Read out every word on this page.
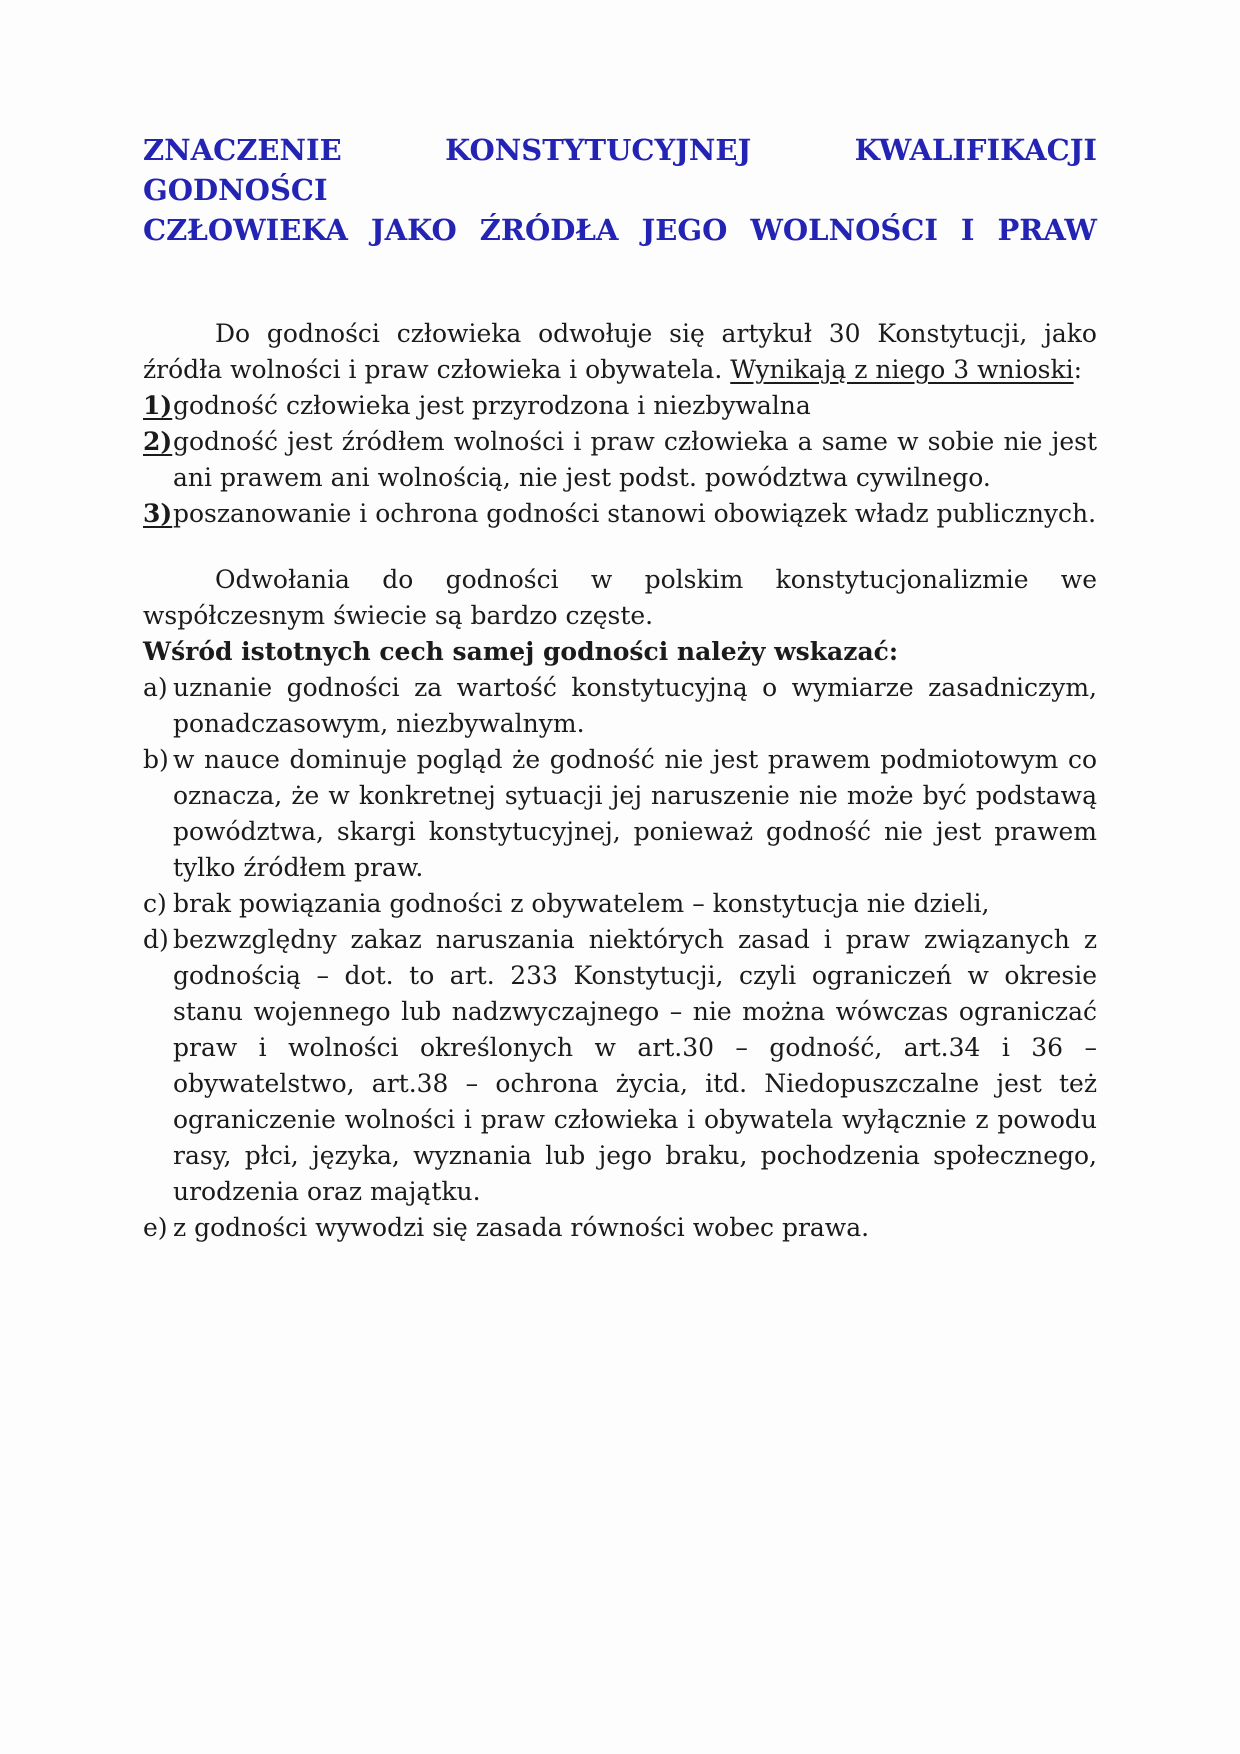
ZNACZENIE KONSTYTUCYJNEJ KWALIFIKACJI GODNOŚCI
CZŁOWIEKA JAKO ŹRÓDŁA JEGO WOLNOŚCI I PRAW

Do godności człowieka odwołuje się artykuł 30 Konstytucji, jako źródła wolności i praw człowieka i obywatela. Wynikają z niego 3 wnioski:

1) godność człowieka jest przyrodzona i niezbywalna
2) godność jest źródłem wolności i praw człowieka a same w sobie nie jest ani prawem ani wolnością, nie jest podst. powództwa cywilnego.
3) poszanowanie i ochrona godności stanowi obowiązek władz publicznych.

Odwołania do godności w polskim konstytucjonalizmie we współczesnym świecie są bardzo częste.

Wśród istotnych cech samej godności należy wskazać:

a) uznanie godności za wartość konstytucyjną o wymiarze zasadniczym, ponadczasowym, niezbywalnym.
b) w nauce dominuje pogląd że godność nie jest prawem podmiotowym co oznacza, że w konkretnej sytuacji jej naruszenie nie może być podstawą powództwa, skargi konstytucyjnej, ponieważ godność nie jest prawem tylko źródłem praw.
c) brak powiązania godności z obywatelem – konstytucja nie dzieli,
d) bezwzględny zakaz naruszania niektórych zasad i praw związanych z godnością – dot. to art. 233 Konstytucji, czyli ograniczeń w okresie stanu wojennego lub nadzwyczajnego – nie można wówczas ograniczać praw i wolności określonych w art.30 – godność, art.34 i 36 – obywatelstwo, art.38 – ochrona życia, itd. Niedopuszczalne jest też ograniczenie wolności i praw człowieka i obywatela wyłącznie z powodu rasy, płci, języka, wyznania lub jego braku, pochodzenia społecznego, urodzenia oraz majątku.
e) z godności wywodzi się zasada równości wobec prawa.
